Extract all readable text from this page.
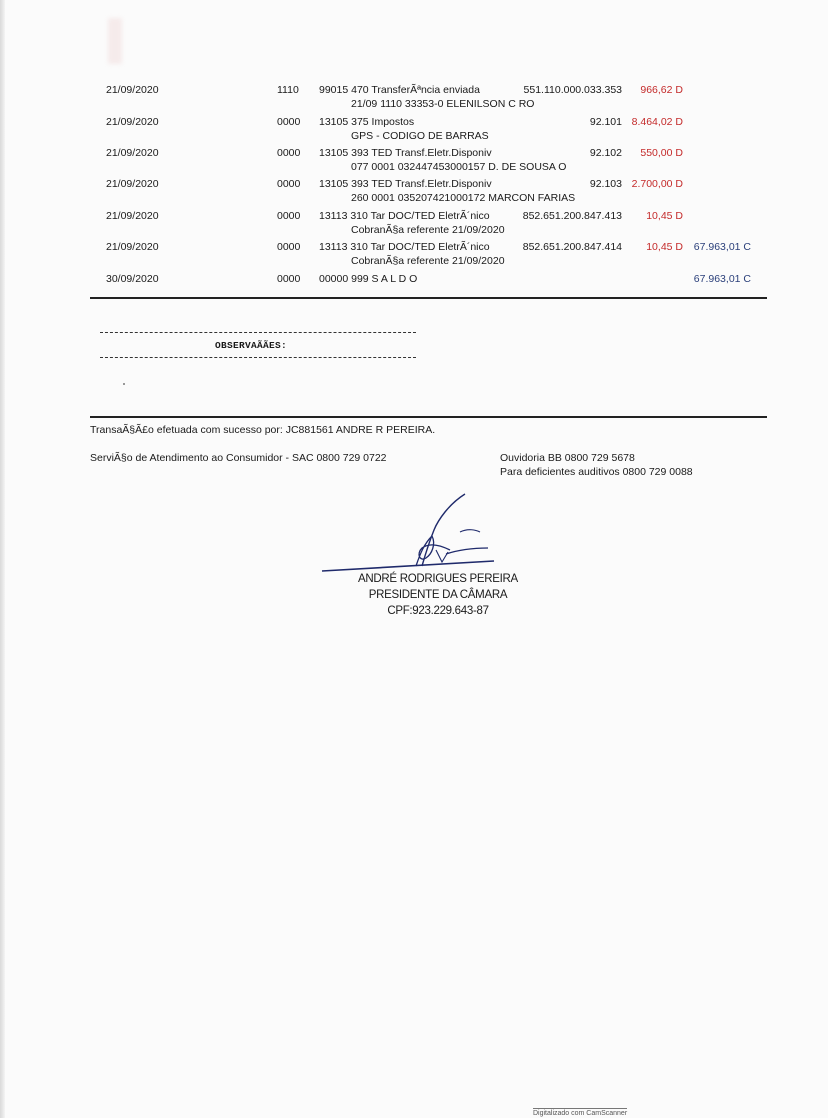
21/09/2020	1110 99015 470 TransferÃªncia enviada	551.110.000.033.353	966,62 D
21/09 1110 33353-0 ELENILSON C RO
21/09/2020	0000 13105 375 Impostos	92.101 8.464,02 D
GPS - CODIGO DE BARRAS
21/09/2020	0000 13105 393 TED Transf.Eletr.Disponiv	92.102	550,00 D
077 0001 032447453000157 D. DE SOUSA O
21/09/2020	0000 13105 393 TED Transf.Eletr.Disponiv	92.103 2.700,00 D
260 0001 035207421000172 MARCON FARIAS
21/09/2020	0000 13113 310 Tar DOC/TED EletrÃ´nico	852.651.200.847.413	10,45 D
CobranÃ§a referente 21/09/2020
21/09/2020	0000 13113 310 Tar DOC/TED EletrÃ´nico	852.651.200.847.414	10,45 D	67.963,01 C
CobranÃ§a referente 21/09/2020
30/09/2020	0000 00000 999 S A L D O	67.963,01 C
OBSERVAÃÃES:
TransaÃ§Ã£o efetuada com sucesso por: JC881561 ANDRE R PEREIRA.
ServiÃ§o de Atendimento ao Consumidor - SAC 0800 729 0722	Ouvidoria BB 0800 729 5678
Para deficientes auditivos 0800 729 0088
ANDRÉ RODRIGUES PEREIRA
PRESIDENTE DA CÂMARA
CPF:923.229.643-87
Digitalizado com CamScanner
